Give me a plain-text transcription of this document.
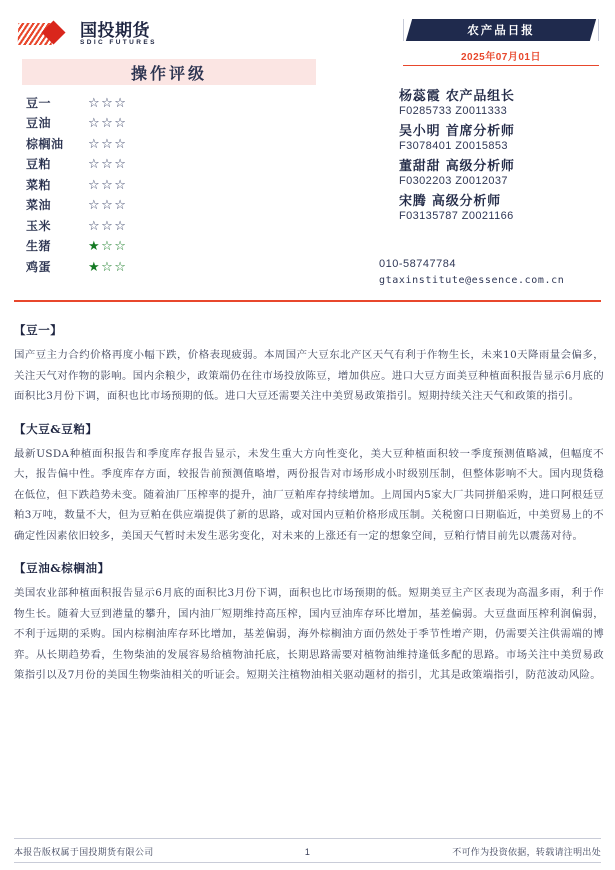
国投期货
SDIC FUTURES
农产品日报
2025年07月01日
操作评级
豆一	☆☆☆
豆油	☆☆☆
棕榈油	☆☆☆
豆粕	☆☆☆
菜粕	☆☆☆
菜油	☆☆☆
玉米	☆☆☆
生猪	★☆☆
鸡蛋	★☆☆
杨蕊霞 农产品组长
F0285733 Z0011333
吴小明 首席分析师
F3078401 Z0015853
董甜甜 高级分析师
F0302203 Z0012037
宋腾 高级分析师
F03135787 Z0021166
010-58747784
gtaxinstitute@essence.com.cn
【豆一】
国产豆主力合约价格再度小幅下跌，价格表现疲弱。本周国产大豆东北产区天气有利于作物生长，未来10天降雨量会偏多，关注天气对作物的影响。国内余粮少，政策端仍在往市场投放陈豆，增加供应。进口大豆方面美豆种植面积报告显示6月底的面积比3月份下调，面积也比市场预期的低。进口大豆还需要关注中美贸易政策指引。短期持续关注天气和政策的指引。
【大豆&豆粕】
最新USDA种植面积报告和季度库存报告显示，未发生重大方向性变化，美大豆种植面积较一季度预测值略减，但幅度不大，报告偏中性。季度库存方面，较报告前预测值略增，两份报告对市场形成小时级别压制，但整体影响不大。国内现货稳在低位，但下跌趋势未变。随着油厂压榨率的提升，油厂豆粕库存持续增加。上周国内5家大厂共同拼船采购，进口阿根廷豆粕3万吨，数量不大，但为豆粕在供应端提供了新的思路，或对国内豆粕价格形成压制。关税窗口日期临近，中美贸易上的不确定性因素依旧较多，美国天气暂时未发生恶劣变化，对未来的上涨还有一定的想象空间，豆粕行情目前先以震荡对待。
【豆油&棕榈油】
美国农业部种植面积报告显示6月底的面积比3月份下调，面积也比市场预期的低。短期美豆主产区表现为高温多雨，利于作物生长。随着大豆到港量的攀升，国内油厂短期维持高压榨，国内豆油库存环比增加，基差偏弱。大豆盘面压榨利润偏弱，不利于远期的采购。国内棕榈油库存环比增加，基差偏弱，海外棕榈油方面仍然处于季节性增产期，仍需要关注供需端的博弈。从长期趋势看，生物柴油的发展容易给植物油托底，长期思路需要对植物油维持逢低多配的思路。市场关注中美贸易政策指引以及7月份的美国生物柴油相关的听证会。短期关注植物油相关驱动题材的指引，尤其是政策端指引，防范波动风险。
本报告版权属于国投期货有限公司	1	不可作为投资依据，转载请注明出处
